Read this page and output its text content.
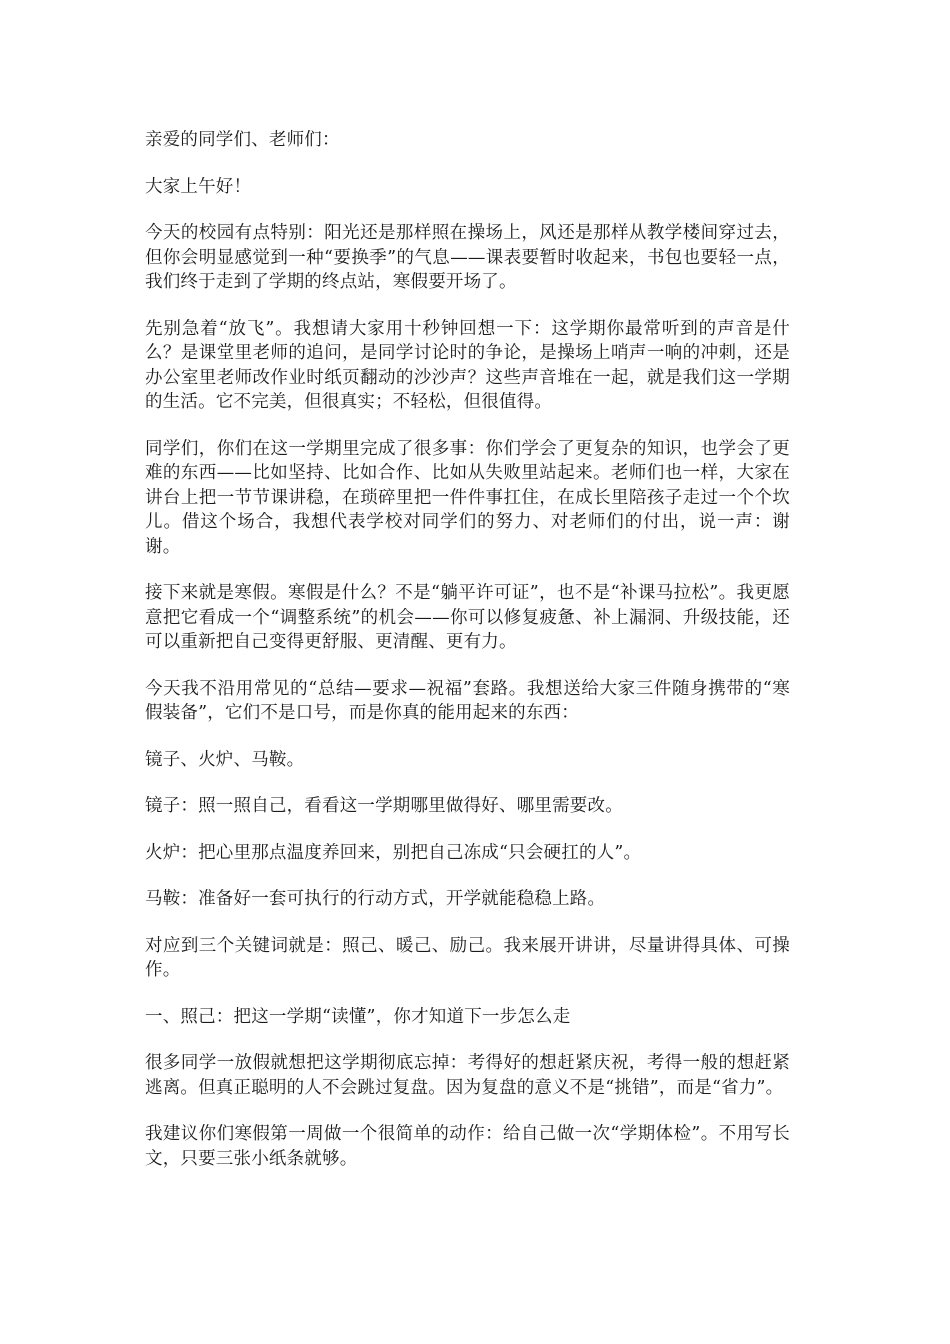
亲爱的同学们、老师们：

大家上午好！

今天的校园有点特别：阳光还是那样照在操场上，风还是那样从教学楼间穿过去，但你会明显感觉到一种“要换季”的气息——课表要暂时收起来，书包也要轻一点，我们终于走到了学期的终点站，寒假要开场了。

先别急着“放飞”。我想请大家用十秒钟回想一下：这学期你最常听到的声音是什么？是课堂里老师的追问，是同学讨论时的争论，是操场上哨声一响的冲刺，还是办公室里老师改作业时纸页翻动的沙沙声？这些声音堆在一起，就是我们这一学期的生活。它不完美，但很真实；不轻松，但很值得。

同学们，你们在这一学期里完成了很多事：你们学会了更复杂的知识，也学会了更难的东西——比如坚持、比如合作、比如从失败里站起来。老师们也一样，大家在讲台上把一节节课讲稳，在琐碎里把一件件事扛住，在成长里陪孩子走过一个个坎儿。借这个场合，我想代表学校对同学们的努力、对老师们的付出，说一声：谢谢。

接下来就是寒假。寒假是什么？不是“躺平许可证”，也不是“补课马拉松”。我更愿意把它看成一个“调整系统”的机会——你可以修复疲惫、补上漏洞、升级技能，还可以重新把自己变得更舒服、更清醒、更有力。

今天我不沿用常见的“总结—要求—祝福”套路。我想送给大家三件随身携带的“寒假装备”，它们不是口号，而是你真的能用起来的东西：

镜子、火炉、马鞍。

镜子：照一照自己，看看这一学期哪里做得好、哪里需要改。

火炉：把心里那点温度养回来，别把自己冻成“只会硬扛的人”。

马鞍：准备好一套可执行的行动方式，开学就能稳稳上路。

对应到三个关键词就是：照己、暖己、励己。我来展开讲讲，尽量讲得具体、可操作。

一、照己：把这一学期“读懂”，你才知道下一步怎么走

很多同学一放假就想把这学期彻底忘掉：考得好的想赶紧庆祝，考得一般的想赶紧逃离。但真正聪明的人不会跳过复盘。因为复盘的意义不是“挑错”，而是“省力”。

我建议你们寒假第一周做一个很简单的动作：给自己做一次“学期体检”。不用写长文，只要三张小纸条就够。
